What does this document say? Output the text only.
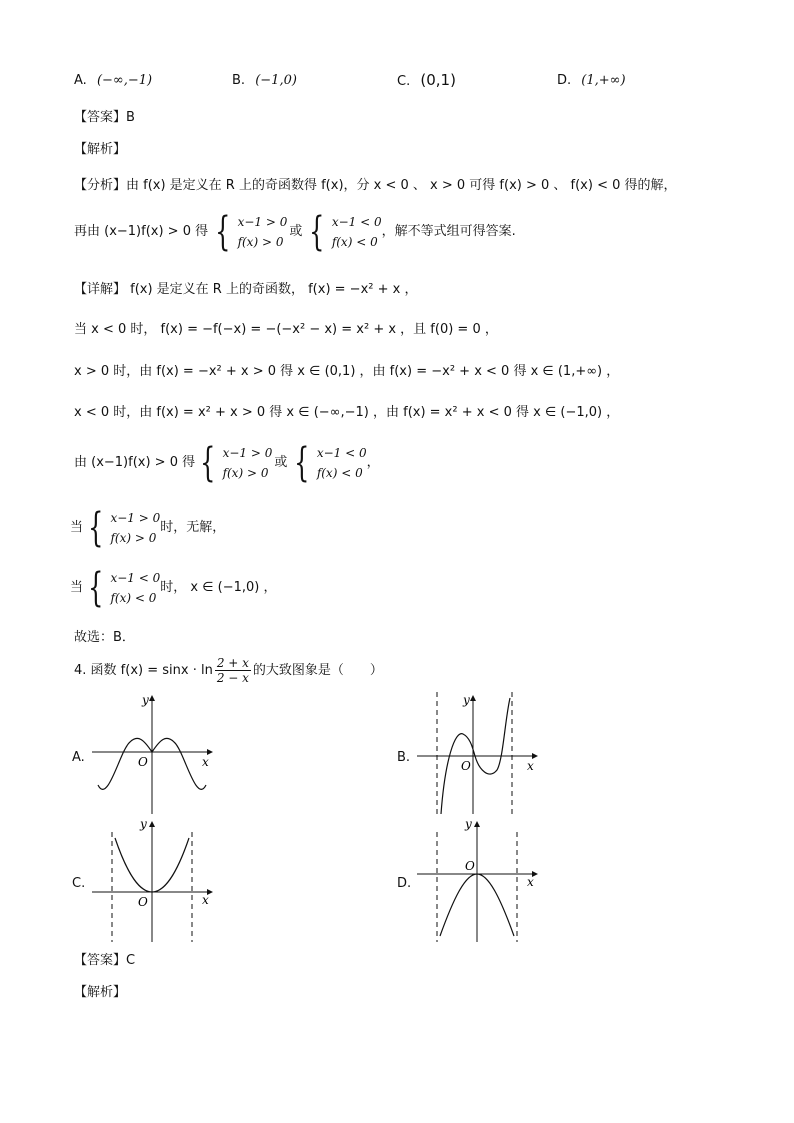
A. (−∞,−1)	B. (−1,0)	C. (0,1)	D. (1,+∞)
【答案】B
【解析】
【分析】由 f(x) 是定义在 R 上的奇函数得 f(x)，分 x < 0 、 x > 0 可得 f(x) > 0 、 f(x) < 0 得的解，
再由 (x−1)f(x) > 0 得 { x−1 > 0
f(x) > 0
或 { x−1 < 0
f(x) < 0
，解不等式组可得答案.
【详解】 f(x) 是定义在 R 上的奇函数， f(x) = −x² + x ，
当 x < 0 时， f(x) = −f(−x) = −(−x² − x) = x² + x ，且 f(0) = 0 ，
x > 0 时，由 f(x) = −x² + x > 0 得 x ∈ (0,1) ，由 f(x) = −x² + x < 0 得 x ∈ (1,+∞) ，
x < 0 时，由 f(x) = x² + x > 0 得 x ∈ (−∞,−1) ，由 f(x) = x² + x < 0 得 x ∈ (−1,0) ，
由 (x−1)f(x) > 0 得 { x−1 > 0
f(x) > 0
或 { x−1 < 0
f(x) < 0
，
当 { x−1 > 0
f(x) > 0
时，无解，
当 { x−1 < 0
f(x) < 0
时， x ∈ (−1,0) ，
故选：B．
4. 函数 $f(x) = \sin x \cdot \ln \frac{2 + x}{2 - x}$ 的大致图象是（　　）
A.	x
y
O	B.
x
y
O
C.
x
y
O
D.	x
y
O
【答案】C
【解析】
